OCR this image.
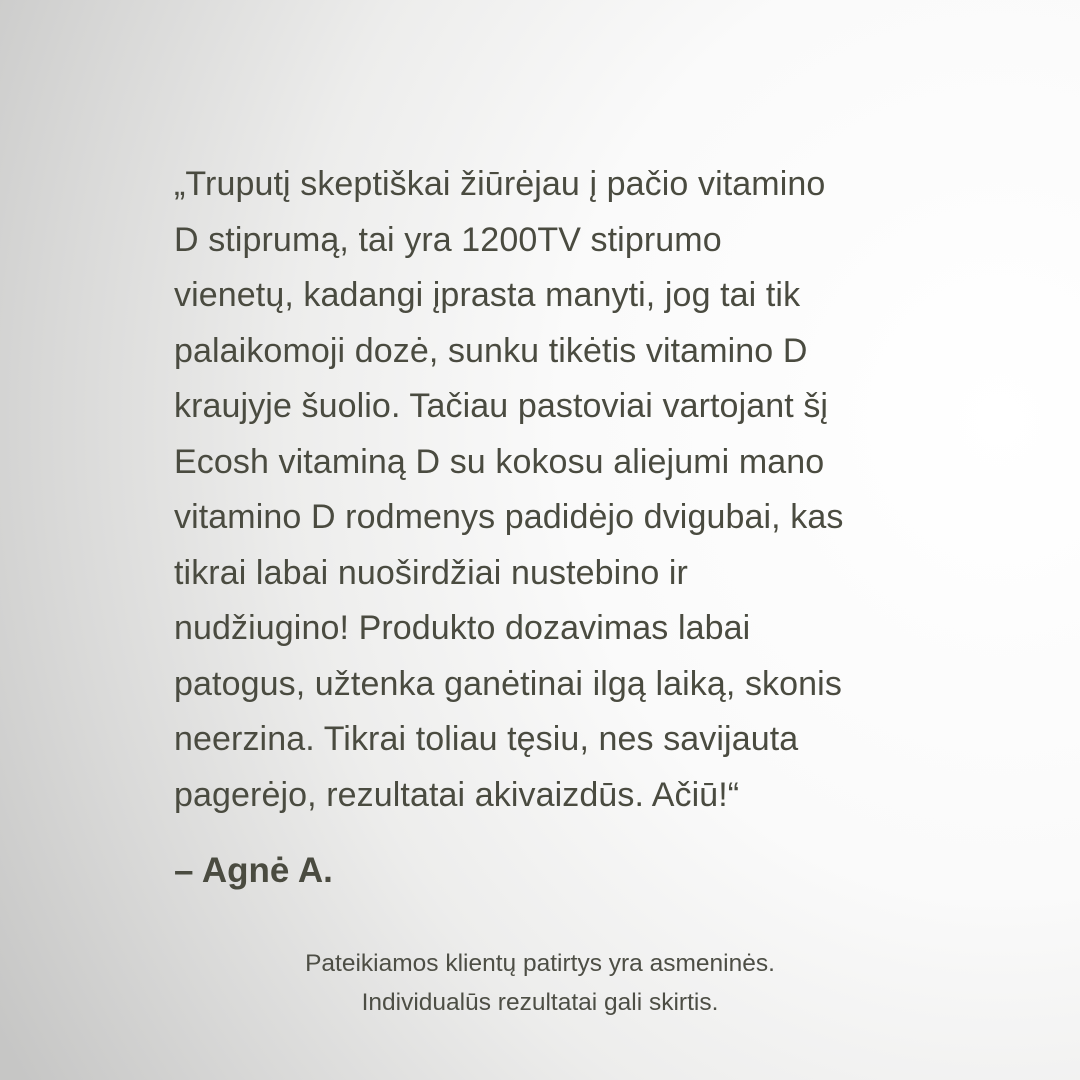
„Truputį skeptiškai žiūrėjau į pačio vitamino
D stiprumą, tai yra 1200TV stiprumo
vienetų, kadangi įprasta manyti, jog tai tik
palaikomoji dozė, sunku tikėtis vitamino D
kraujyje šuolio. Tačiau pastoviai vartojant šį
Ecosh vitaminą D su kokosu aliejumi mano
vitamino D rodmenys padidėjo dvigubai, kas
tikrai labai nuoširdžiai nustebino ir
nudžiugino! Produkto dozavimas labai
patogus, užtenka ganėtinai ilgą laiką, skonis
neerzina. Tikrai toliau tęsiu, nes savijauta
pagerėjo, rezultatai akivaizdūs. Ačiū!“

– Agnė A.
Pateikiamos klientų patirtys yra asmeninės.
Individualūs rezultatai gali skirtis.
